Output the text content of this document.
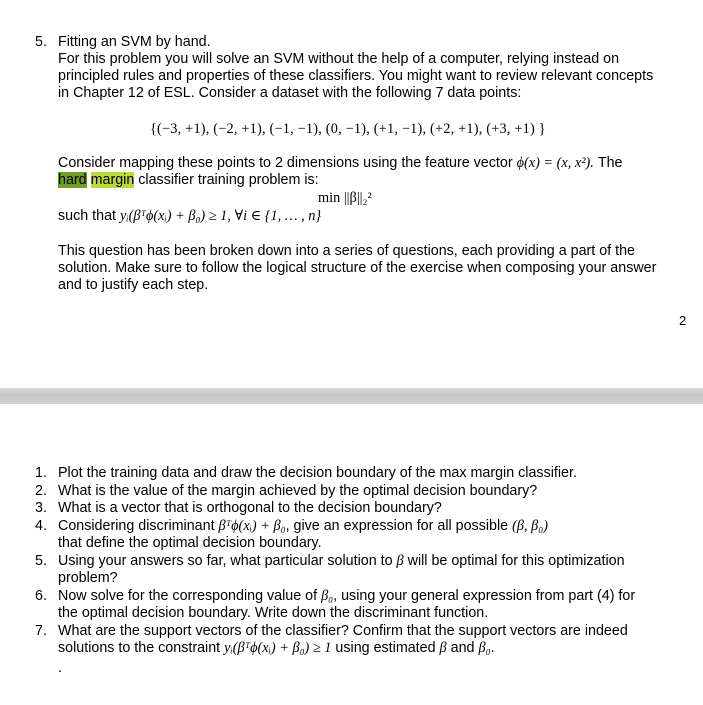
5. Fitting an SVM by hand.
For this problem you will solve an SVM without the help of a computer, relying instead on
principled rules and properties of these classifiers. You might want to review relevant concepts
in Chapter 12 of ESL. Consider a dataset with the following 7 data points:
{(−3, +1), (−2, +1), (−1, −1), (0, −1), (+1, −1), (+2, +1), (+3, +1) }
Consider mapping these points to 2 dimensions using the feature vector ϕ(x) = (x, x²). The
hard margin classifier training problem is:
min ||β||₂²
such that yᵢ(βᵀϕ(xᵢ) + β₀) ≥ 1, ∀i ∈ {1, … , n}
This question has been broken down into a series of questions, each providing a part of the
solution. Make sure to follow the logical structure of the exercise when composing your answer
and to justify each step.
2
1. Plot the training data and draw the decision boundary of the max margin classifier.
2. What is the value of the margin achieved by the optimal decision boundary?
3. What is a vector that is orthogonal to the decision boundary?
4. Considering discriminant βᵀϕ(xᵢ) + β₀, give an expression for all possible (β, β₀)
that define the optimal decision boundary.
5. Using your answers so far, what particular solution to β will be optimal for this optimization
problem?
6. Now solve for the corresponding value of β₀, using your general expression from part (4) for
the optimal decision boundary. Write down the discriminant function.
7. What are the support vectors of the classifier? Confirm that the support vectors are indeed
solutions to the constraint yᵢ(βᵀϕ(xᵢ) + β₀) ≥ 1 using estimated β and β₀.
.
